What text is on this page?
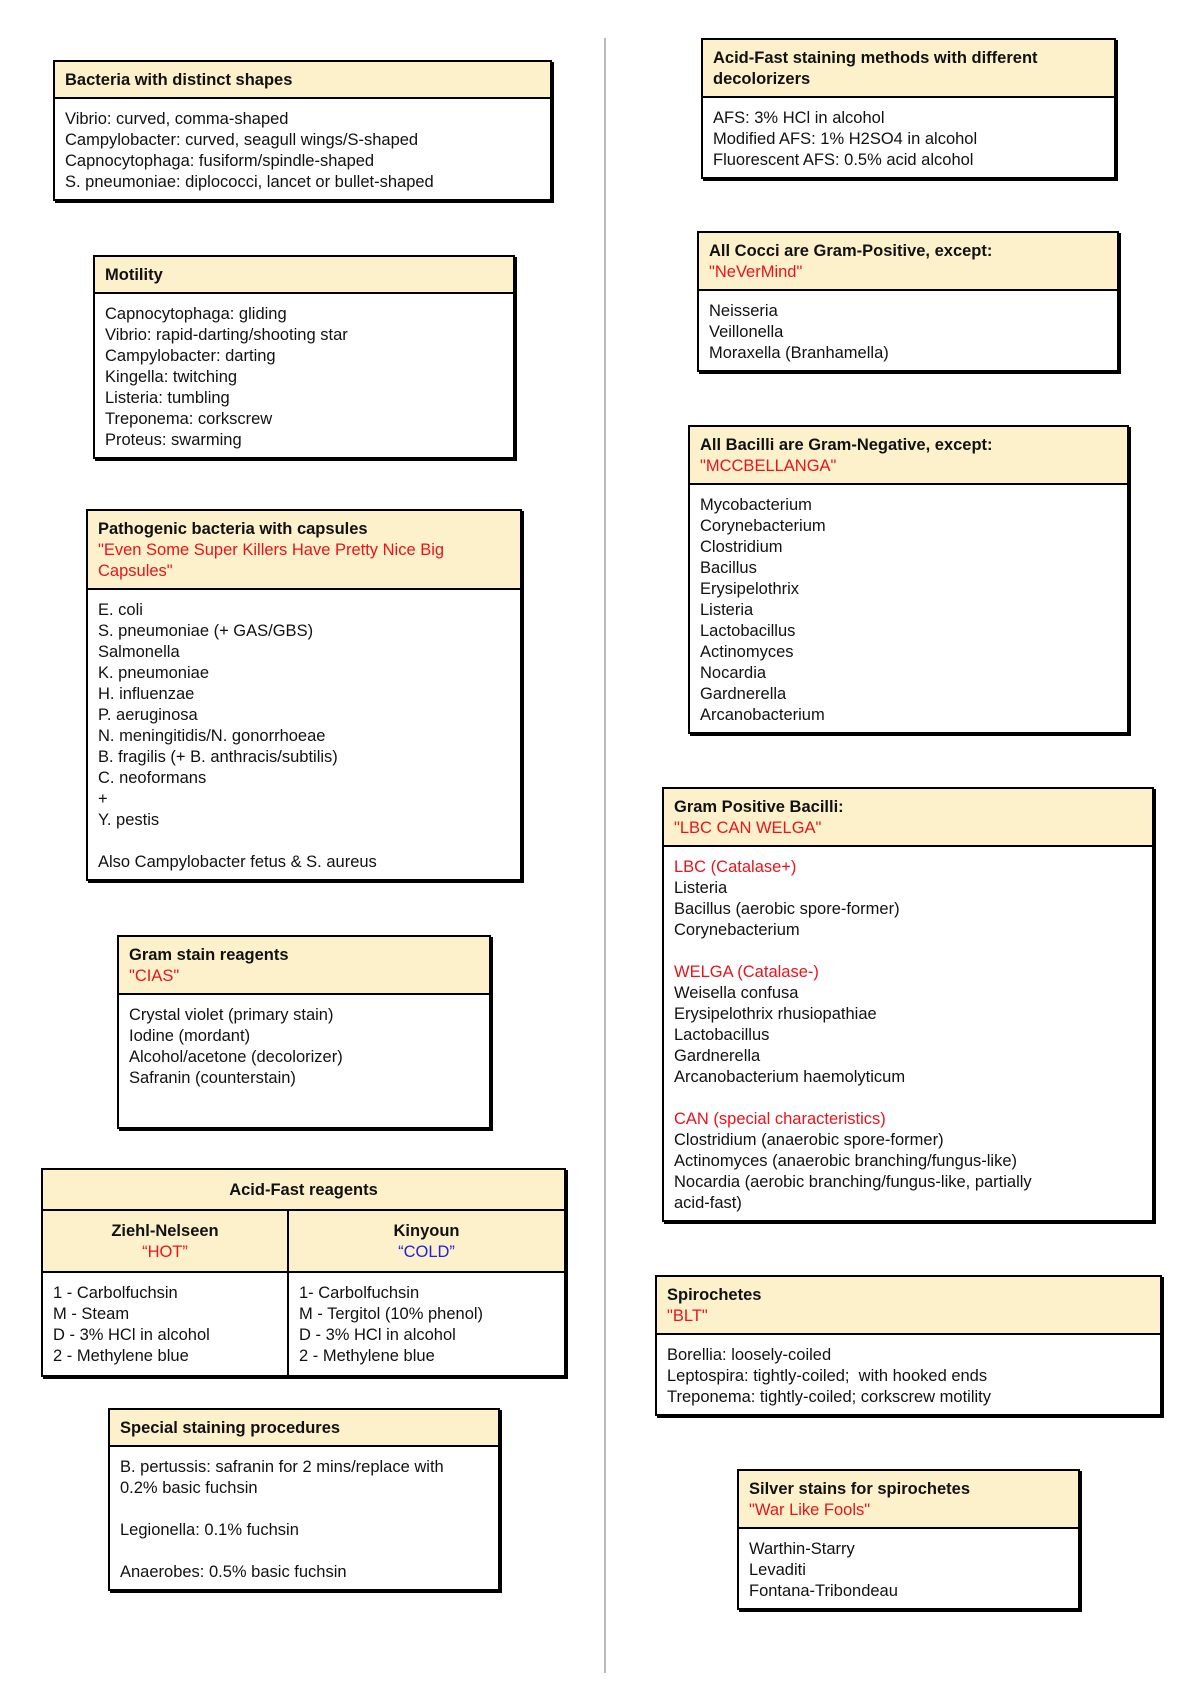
Bacteria with distinct shapes
Vibrio: curved, comma-shaped
Campylobacter: curved, seagull wings/S-shaped
Capnocytophaga: fusiform/spindle-shaped
S. pneumoniae: diplococci, lancet or bullet-shaped
Motility
Capnocytophaga: gliding
Vibrio: rapid-darting/shooting star
Campylobacter: darting
Kingella: twitching
Listeria: tumbling
Treponema: corkscrew
Proteus: swarming
Pathogenic bacteria with capsules
"Even Some Super Killers Have Pretty Nice Big Capsules"
E. coli
S. pneumoniae (+ GAS/GBS)
Salmonella
K. pneumoniae
H. influenzae
P. aeruginosa
N. meningitidis/N. gonorrhoeae
B. fragilis (+ B. anthracis/subtilis)
C. neoformans
+
Y. pestis
Also Campylobacter fetus & S. aureus
Gram stain reagents
"CIAS"
Crystal violet (primary stain)
Iodine (mordant)
Alcohol/acetone (decolorizer)
Safranin (counterstain)
Special staining procedures
B. pertussis: safranin for 2 mins/replace with
0.2% basic fuchsin
Legionella: 0.1% fuchsin
Anaerobes: 0.5% basic fuchsin
Acid-Fast staining methods with different decolorizers
AFS: 3% HCl in alcohol
Modified AFS: 1% H2SO4 in alcohol
Fluorescent AFS: 0.5% acid alcohol
All Cocci are Gram-Positive, except:
"NeVerMind"
Neisseria
Veillonella
Moraxella (Branhamella)
All Bacilli are Gram-Negative, except:
"MCCBELLANGA"
Mycobacterium
Corynebacterium
Clostridium
Bacillus
Erysipelothrix
Listeria
Lactobacillus
Actinomyces
Nocardia
Gardnerella
Arcanobacterium
Gram Positive Bacilli:
"LBC CAN WELGA"
LBC (Catalase+)
Listeria
Bacillus (aerobic spore-former)
Corynebacterium
WELGA (Catalase-)
Weisella confusa
Erysipelothrix rhusiopathiae
Lactobacillus
Gardnerella
Arcanobacterium haemolyticum
CAN (special characteristics)
Clostridium (anaerobic spore-former)
Actinomyces (anaerobic branching/fungus-like)
Nocardia (aerobic branching/fungus-like, partially
acid-fast)
Spirochetes
"BLT"
Borellia: loosely-coiled
Leptospira: tightly-coiled;  with hooked ends
Treponema: tightly-coiled; corkscrew motility
Silver stains for spirochetes
"War Like Fools"
Warthin-Starry
Levaditi
Fontana-Tribondeau
Acid-Fast reagents
Ziehl-Nelseen
“HOT”
1 - Carbolfuchsin
M - Steam
D - 3% HCl in alcohol
2 - Methylene blue
Kinyoun
“COLD”
1- Carbolfuchsin
M - Tergitol (10% phenol)
D - 3% HCl in alcohol
2 - Methylene blue
